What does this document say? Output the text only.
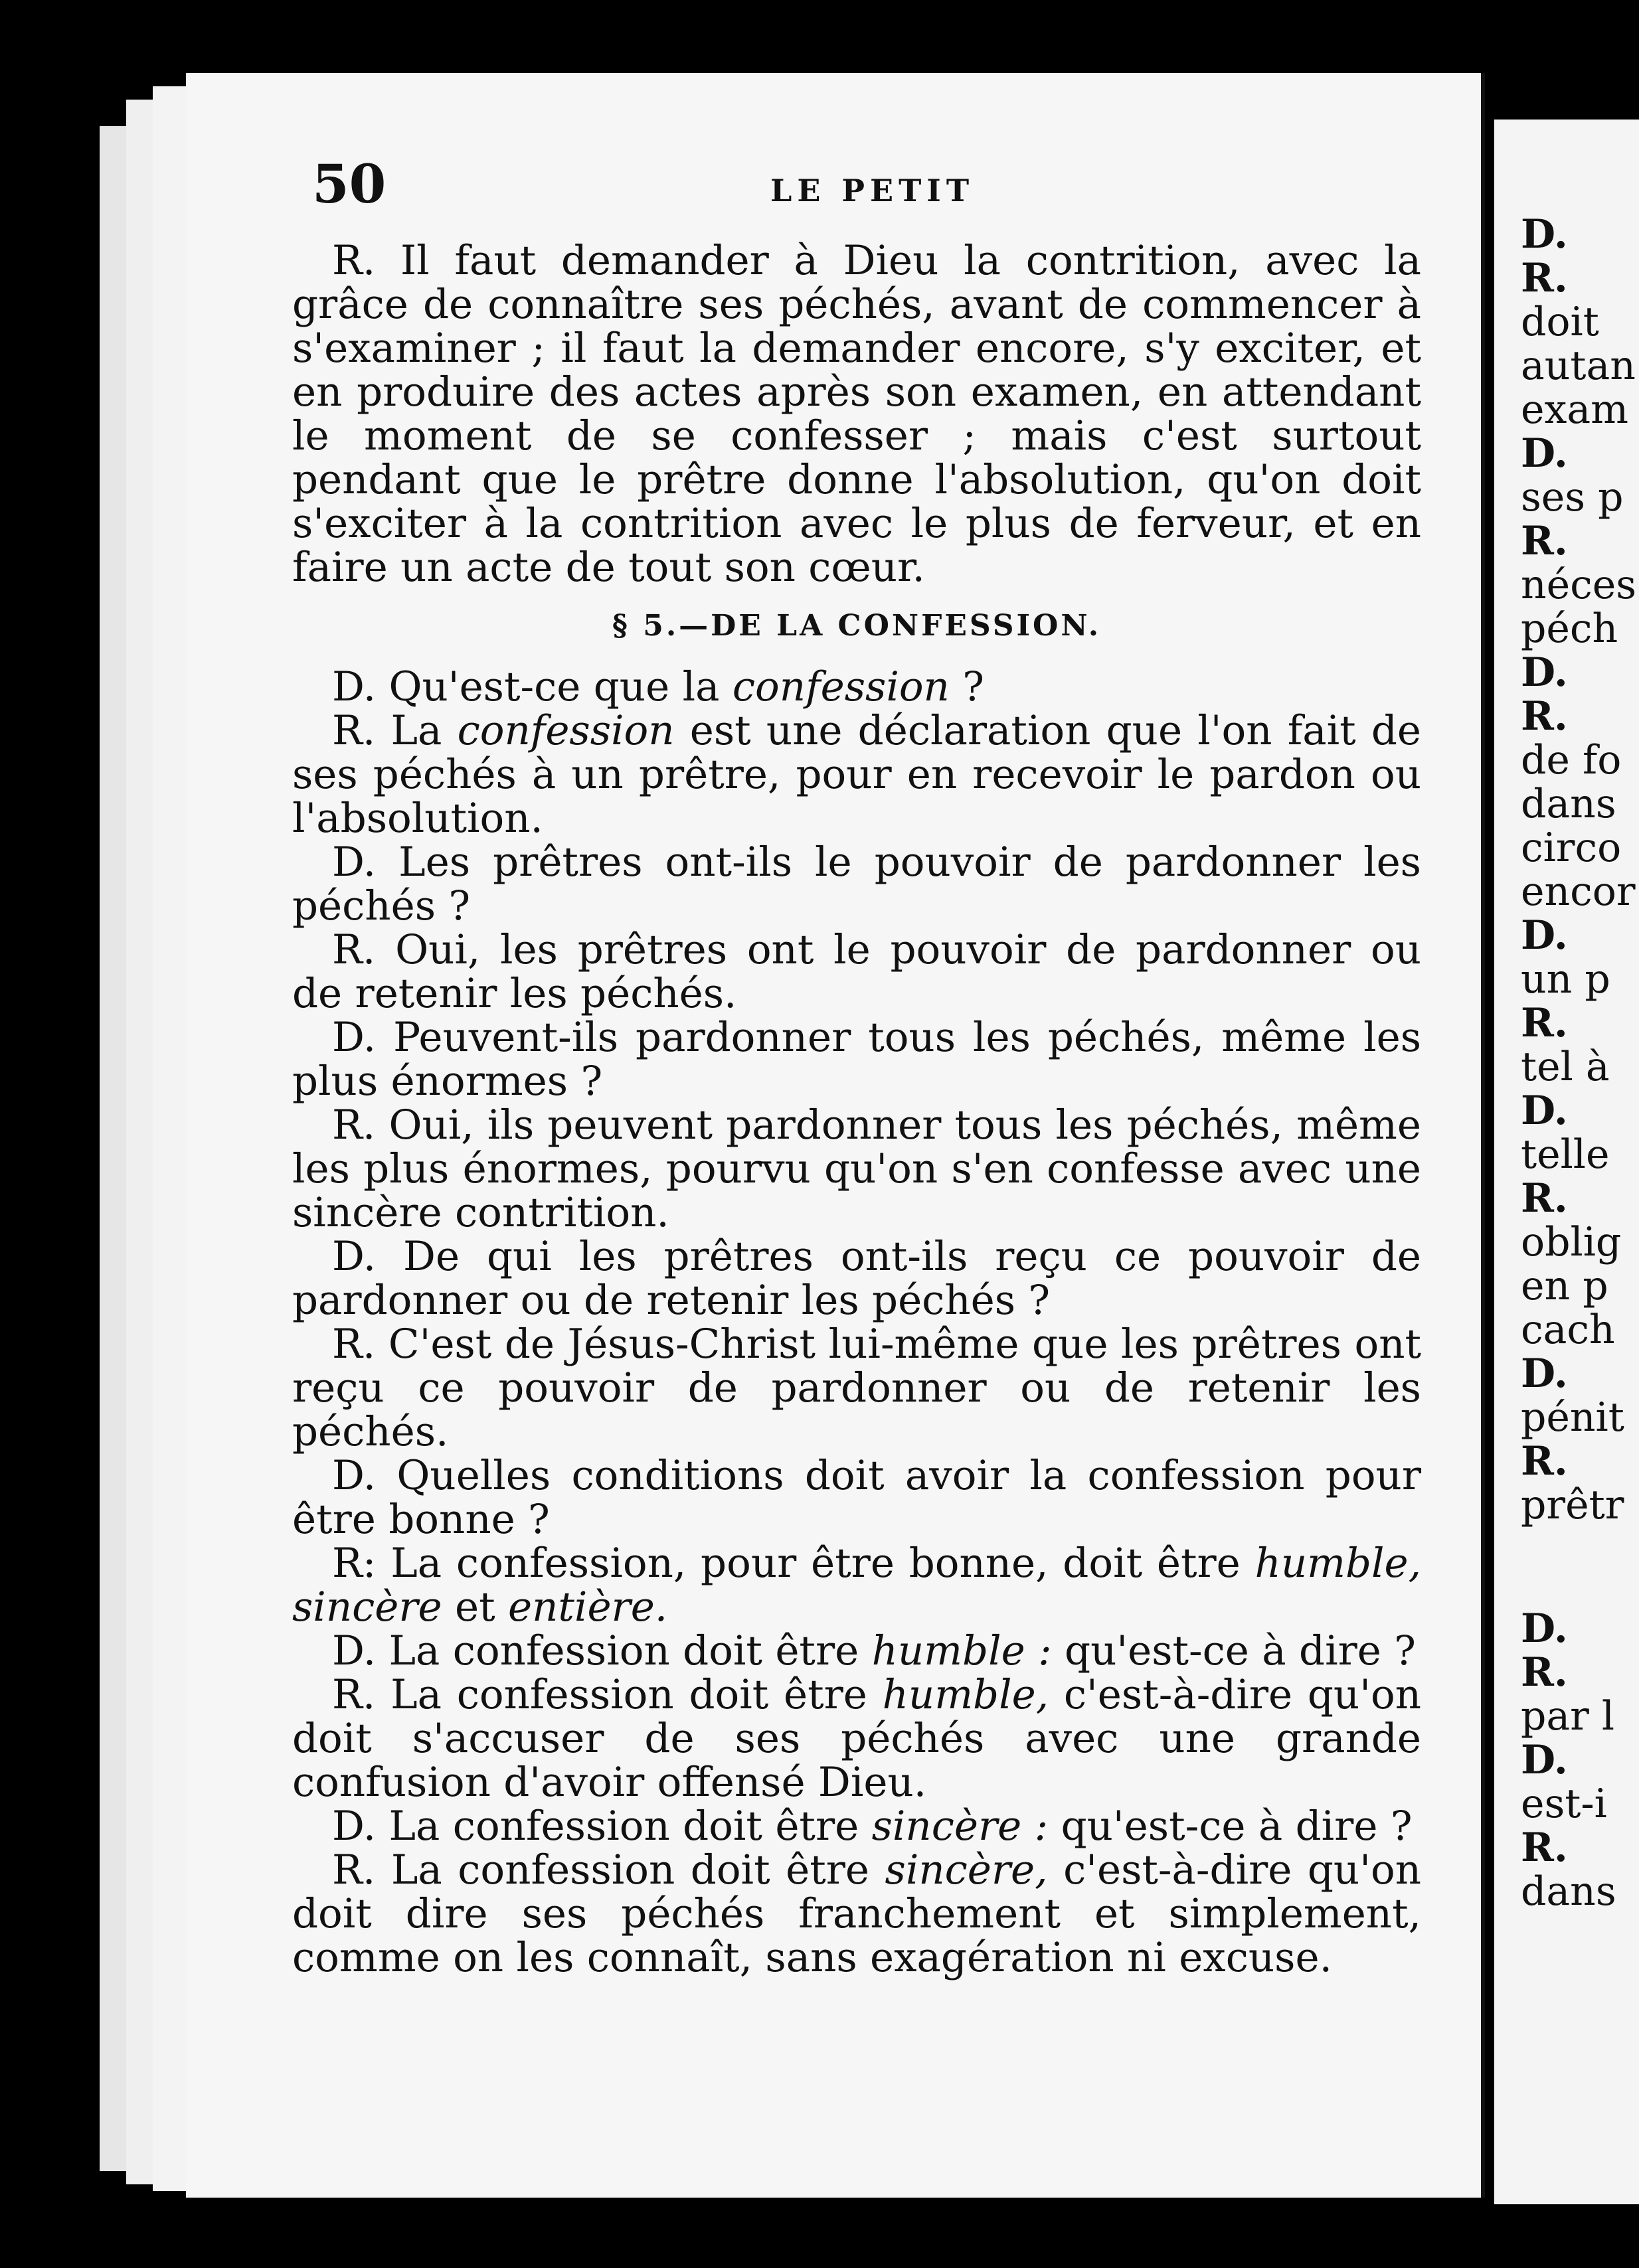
50	LE PETIT

R. Il faut demander à Dieu la contrition, avec la grâce de connaître ses péchés, avant de commencer à s'examiner ; il faut la demander encore, s'y exciter, et en produire des actes après son examen, en attendant le moment de se confesser ; mais c'est surtout pendant que le prêtre donne l'absolution, qu'on doit s'exciter à la contrition avec le plus de ferveur, et en faire un acte de tout son cœur.

§ 5.—DE LA CONFESSION.

D. Qu'est-ce que la confession ?

R. La confession est une déclaration que l'on fait de ses péchés à un prêtre, pour en recevoir le pardon ou l'absolution.

D. Les prêtres ont-ils le pouvoir de pardonner les péchés ?

R. Oui, les prêtres ont le pouvoir de pardonner ou de retenir les péchés.

D. Peuvent-ils pardonner tous les péchés, même les plus énormes ?

R. Oui, ils peuvent pardonner tous les péchés, même les plus énormes, pourvu qu'on s'en confesse avec une sincère contrition.

D. De qui les prêtres ont-ils reçu ce pouvoir de pardonner ou de retenir les péchés ?

R. C'est de Jésus-Christ lui-même que les prêtres ont reçu ce pouvoir de pardonner ou de retenir les péchés.

D. Quelles conditions doit avoir la confession pour être bonne ?

R: La confession, pour être bonne, doit être humble, sincère et entière.

D. La confession doit être humble : qu'est-ce à dire ?

R. La confession doit être humble, c'est-à-dire qu'on doit s'accuser de ses péchés avec une grande confusion d'avoir offensé Dieu.

D. La confession doit être sincère : qu'est-ce à dire ?

R. La confession doit être sincère, c'est-à-dire qu'on doit dire ses péchés franchement et simplement, comme on les connaît, sans exagération ni excuse.

D.
R.
doit
autan
exam
D.
ses p
R.
néces
péch
D.
R.
de fo
dans
circo
encor
D.
un p
R.
tel à
D.
telle
R.
oblig
en p
cach
D.
pénit
R.
prêtr
D.
R.
par l
D.
est-i
R.
dans
